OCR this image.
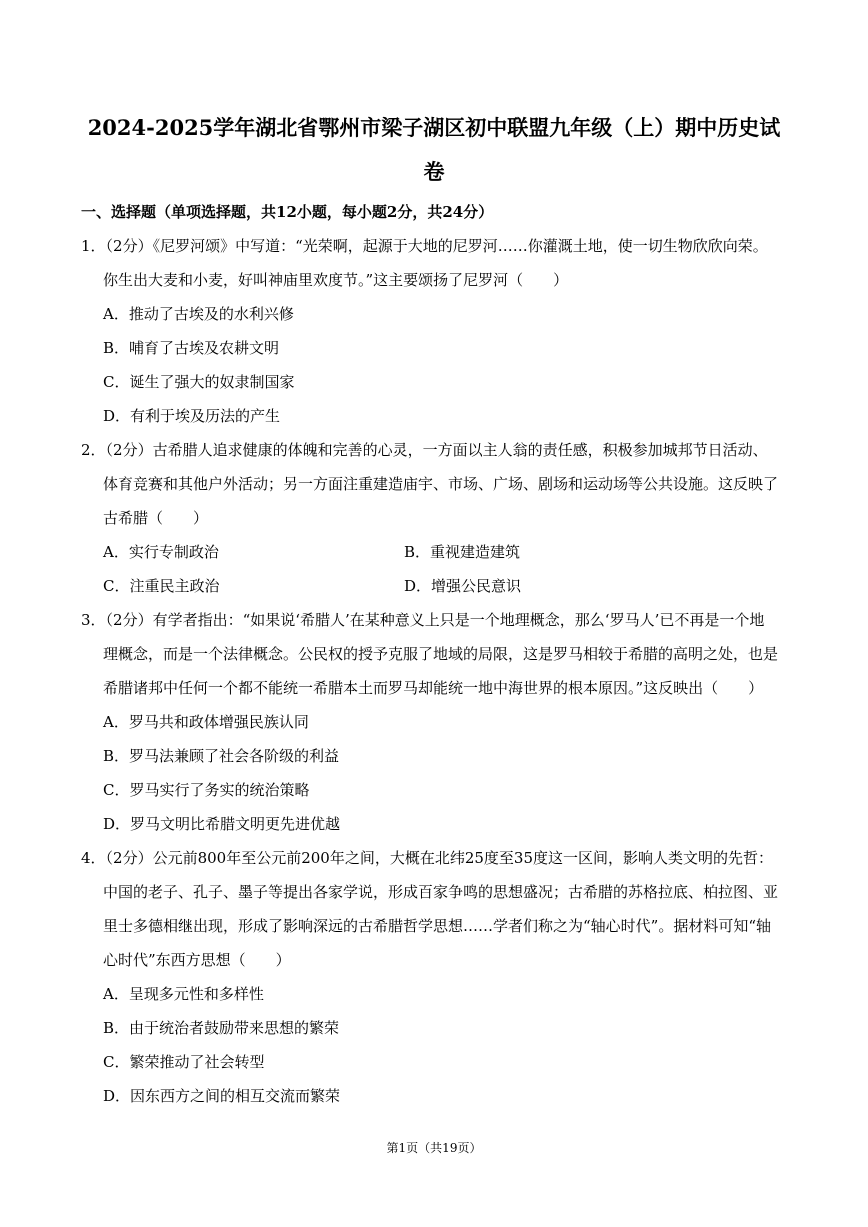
2024-2025学年湖北省鄂州市梁子湖区初中联盟九年级（上）期中历史试
卷
一、选择题（单项选择题，共12小题，每小题2分，共24分）
1．（2分）《尼罗河颂》中写道：“光荣啊，起源于大地的尼罗河……你灌溉土地，使一切生物欣欣向荣。
你生出大麦和小麦，好叫神庙里欢度节。”这主要颂扬了尼罗河（　　）
A．推动了古埃及的水利兴修
B．哺育了古埃及农耕文明
C．诞生了强大的奴隶制国家
D．有利于埃及历法的产生
2．（2分）古希腊人追求健康的体魄和完善的心灵，一方面以主人翁的责任感，积极参加城邦节日活动、
体育竞赛和其他户外活动；另一方面注重建造庙宇、市场、广场、剧场和运动场等公共设施。这反映了
古希腊（　　）
A．实行专制政治	B．重视建造建筑
C．注重民主政治	D．增强公民意识
3．（2分）有学者指出：“如果说‘希腊人’在某种意义上只是一个地理概念，那么‘罗马人’已不再是一个地
理概念，而是一个法律概念。公民权的授予克服了地域的局限，这是罗马相较于希腊的高明之处，也是
希腊诸邦中任何一个都不能统一希腊本土而罗马却能统一地中海世界的根本原因。”这反映出（　　）
A．罗马共和政体增强民族认同
B．罗马法兼顾了社会各阶级的利益
C．罗马实行了务实的统治策略
D．罗马文明比希腊文明更先进优越
4．（2分）公元前800年至公元前200年之间，大概在北纬25度至35度这一区间，影响人类文明的先哲：
中国的老子、孔子、墨子等提出各家学说，形成百家争鸣的思想盛况；古希腊的苏格拉底、柏拉图、亚
里士多德相继出现，形成了影响深远的古希腊哲学思想……学者们称之为“轴心时代”。据材料可知“轴
心时代”东西方思想（　　）
A．呈现多元性和多样性
B．由于统治者鼓励带来思想的繁荣
C．繁荣推动了社会转型
D．因东西方之间的相互交流而繁荣
第1页（共19页）
